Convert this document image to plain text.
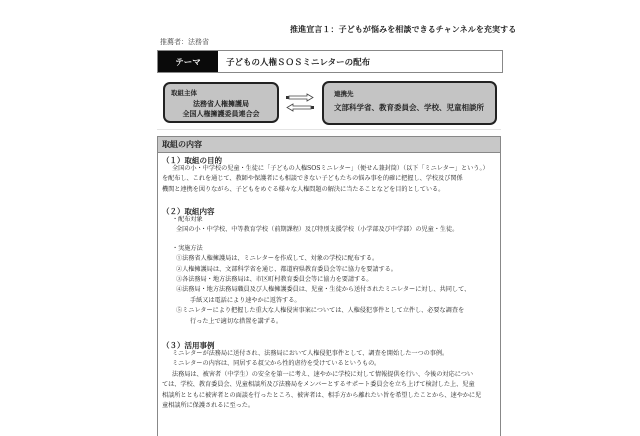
推進宣言１：子どもが悩みを相談できるチャンネルを充実する
推薦者：法務省
テーマ	子どもの人権ＳＯＳミニレターの配布
取組主体
法務省人権擁護局
全国人権擁護委員連合会
連携先
文部科学省、教育委員会、学校、児童相談所
取組の内容
（１）取組の目的
全国の小・中学校の児童・生徒に「子どもの人権SOSミニレター」（便せん兼封筒）（以下「ミニレター」という。）
を配布し、これを通じて、教師や保護者にも相談できない子どもたちの悩み事を的確に把握し、学校及び関係
機関と連携を図りながら、子どもをめぐる様々な人権問題の解決に当たることなどを目的としている。
（２）取組内容
・配布対象
全国の小・中学校、中等教育学校（前期課程）及び特別支援学校（小学部及び中学部）の児童・生徒。
・実施方法
①法務省人権擁護局は、ミニレターを作成して、対象の学校に配布する。
②人権擁護局は、文部科学省を通じ、都道府県教育委員会等に協力を要請する。
③各法務局・地方法務局は、市区町村教育委員会等に協力を要請する。
④法務局・地方法務局職員及び人権擁護委員は、児童・生徒から送付されたミニレターに対し、共同して、
手紙又は電話により速やかに返答する。
⑤ミニレターにより把握した重大な人権侵害事案については、人権侵犯事件として立件し、必要な調査を
行った上で適切な措置を講ずる。
（３）活用事例
ミニレターが法務局に送付され、法務局において人権侵犯事件として、調査を開始した一つの事例。
ミニレターの内容は、同居する叔父から性的虐待を受けているというもの。
法務局は、被害者（中学生）の安全を第一に考え、速やかに学校に対して情報提供を行い、今後の対応につい
ては、学校、教育委員会、児童相談所及び法務局をメンバーとするサポート委員会を立ち上げて検討した上、児童
相談所とともに被害者との面談を行ったところ、被害者は、相手方から離れたい旨を希望したことから、速やかに児
童相談所に保護されるに至った。
